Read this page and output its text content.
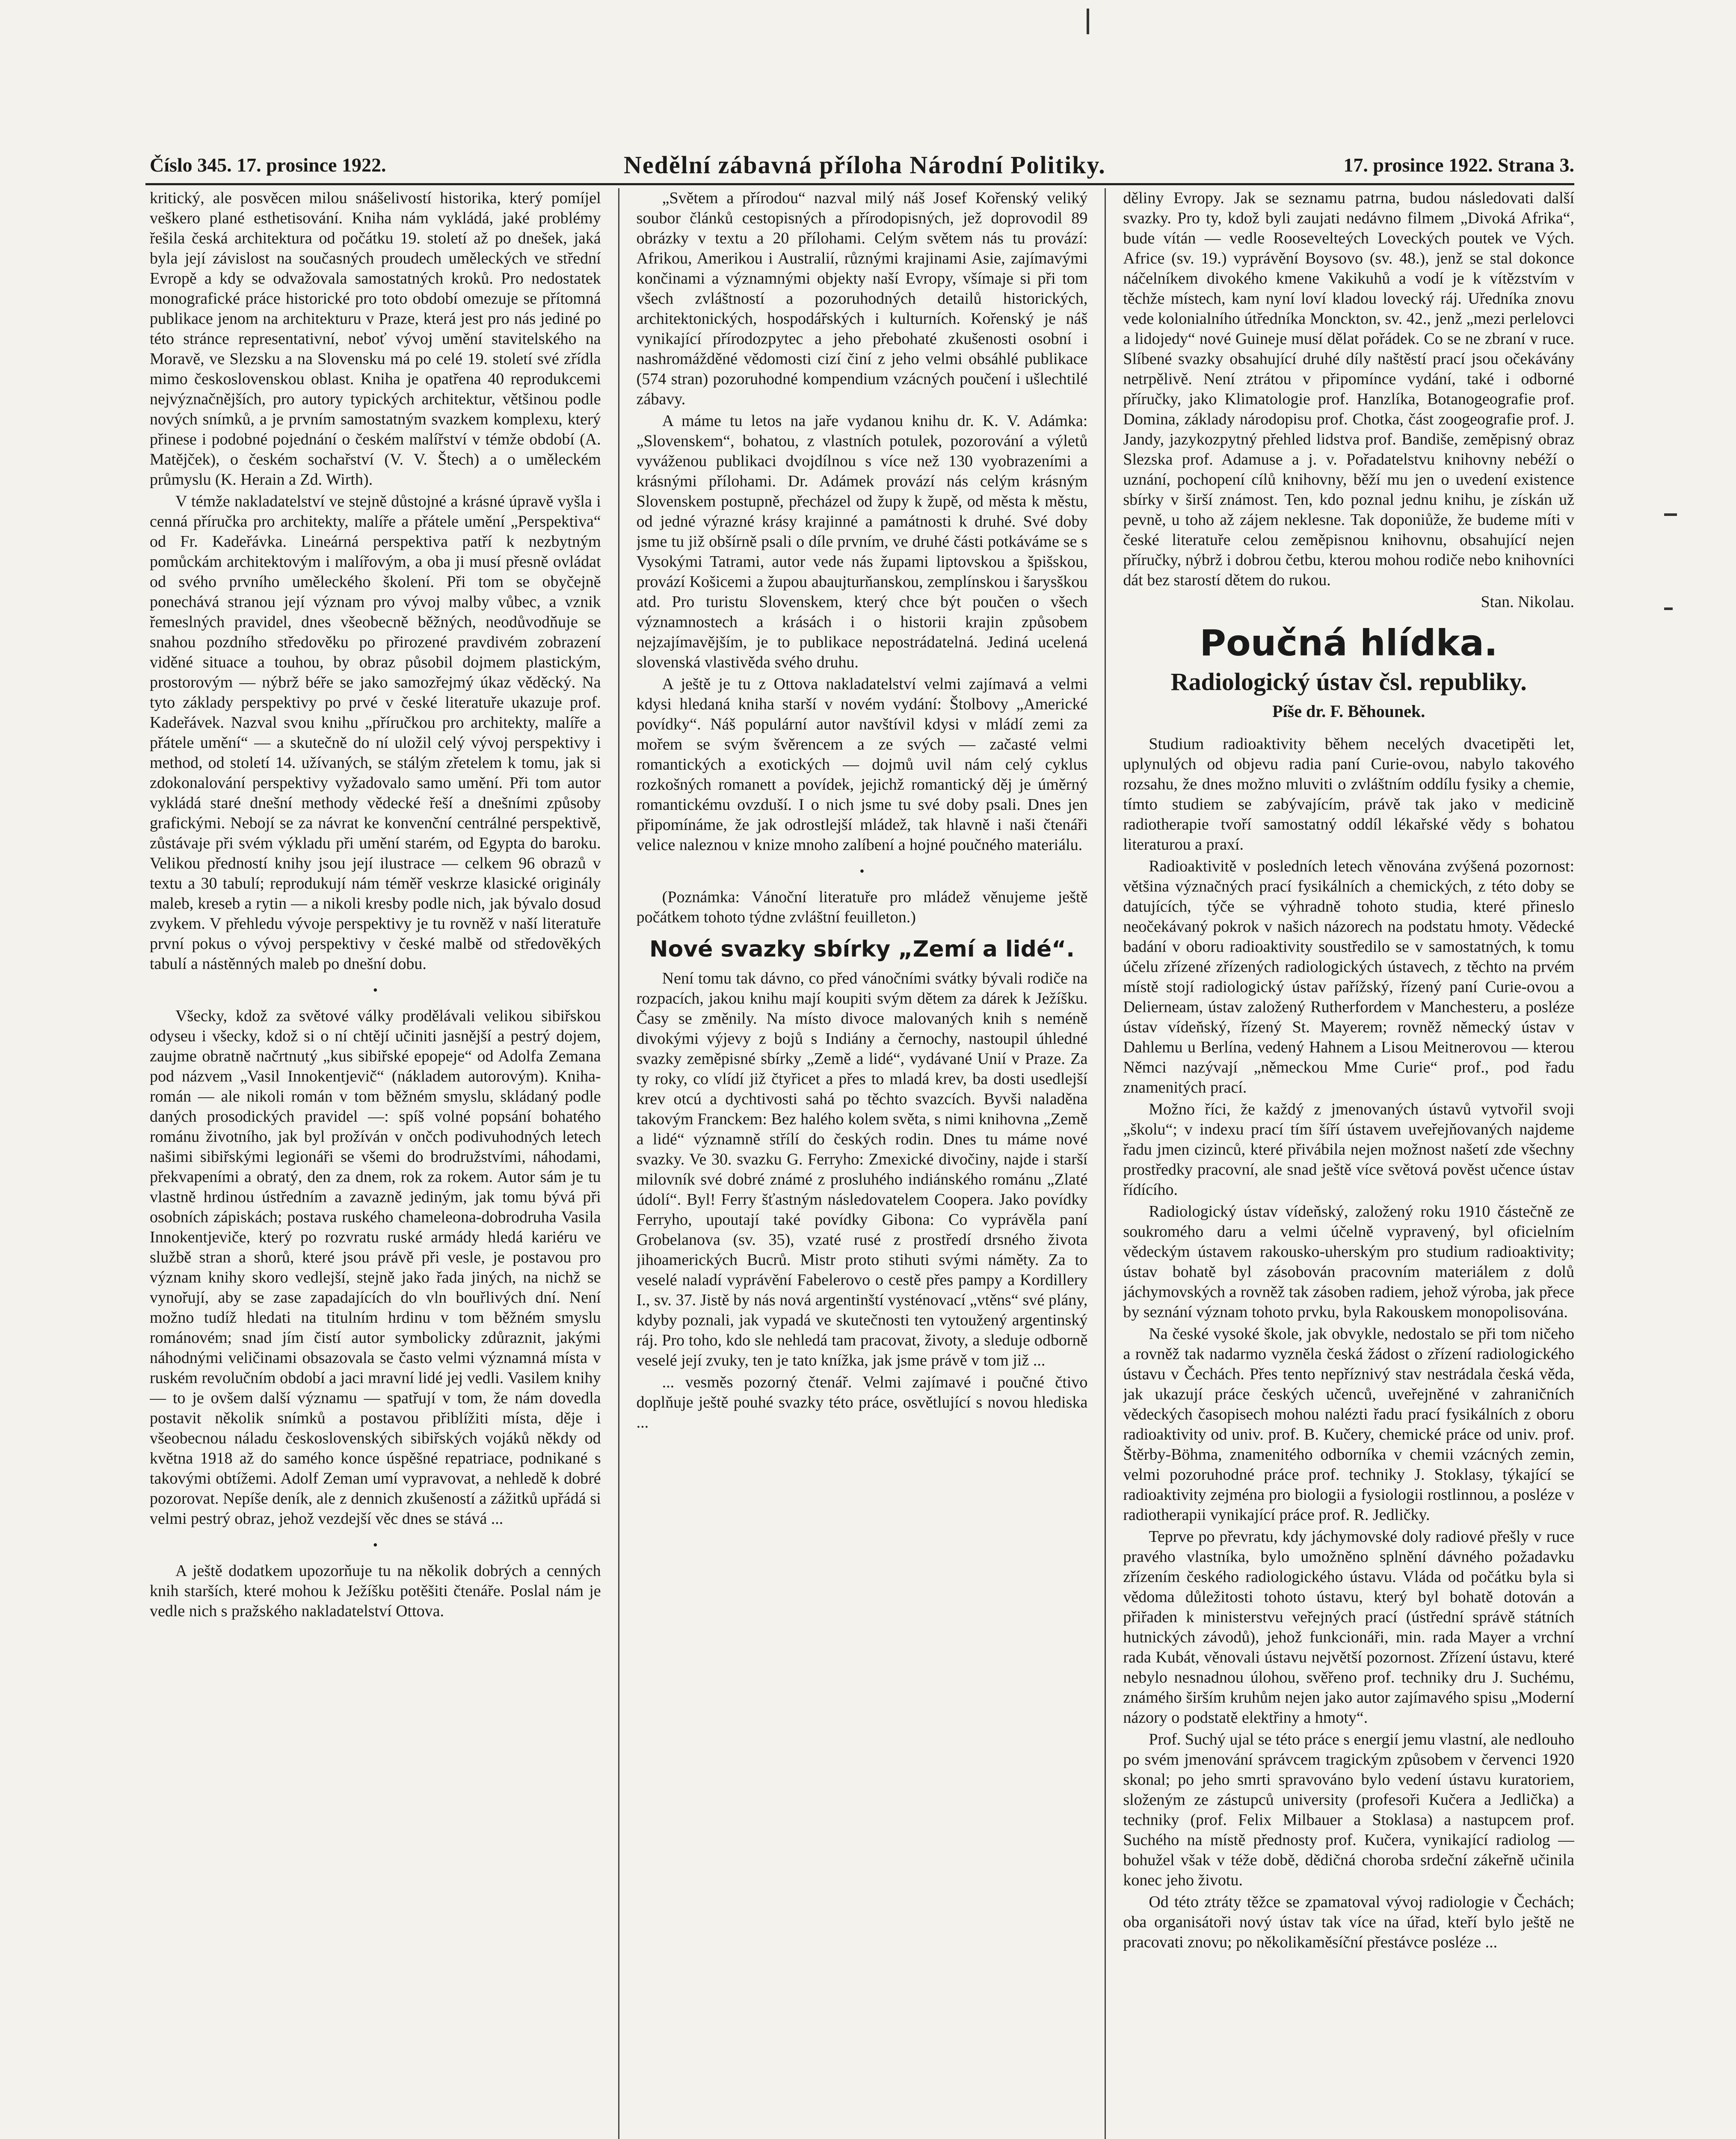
Číslo 345. 17. prosince 1922.	Nedělní zábavná příloha Národní Politiky.	17. prosince 1922. Strana 3.

kritický, ale posvěcen milou snášelivostí historika, který pomíjel veškero plané esthetisování. Kniha nám vykládá, jaké problémy řešila česká architektura od počátku 19. století až po dnešek, jaká byla její závislost na současných proudech uměleckých ve střední Evropě a kdy se odvažovala samostatných kroků. Pro nedostatek monografické práce historické pro toto období omezuje se přítomná publikace jenom na architekturu v Praze, která jest pro nás jediné po této stránce representativní, neboť vývoj umění stavitelského na Moravě, ve Slezsku a na Slovensku má po celé 19. století své zřídla mimo československou oblast. Kniha je opatřena 40 reprodukcemi nejvýznačnějších, pro autory typických architektur, většinou podle nových snímků, a je prvním samostatným svazkem komplexu, který přinese i podobné pojednání o českém malířství v témže období (A. Matějček), o českém sochařství (V. V. Štech) a o uměleckém průmyslu (K. Herain a Zd. Wirth).

V témže nakladatelství ve stejně důstojné a krásné úpravě vyšla i cenná příručka pro architekty, malíře a přátele umění „Perspektiva“ od Fr. Kadeřávka. Lineárná perspektiva patří k nezbytným pomůckám architektovým i malířovým, a oba ji musí přesně ovládat od svého prvního uměleckého školení. Při tom se obyčejně ponechává stranou její význam pro vývoj malby vůbec, a vznik řemeslných pravidel, dnes všeobecně běžných, neodůvodňuje se snahou pozdního středověku po přirozené pravdivém zobrazení viděné situace a touhou, by obraz působil dojmem plastickým, prostorovým — nýbrž béře se jako samozřejmý úkaz věděcký. Na tyto základy perspektivy po prvé v české literatuře ukazuje prof. Kadeřávek. Nazval svou knihu „příručkou pro architekty, malíře a přátele umění“ — a skutečně do ní uložil celý vývoj perspektivy i method, od století 14. užívaných, se stálým zřetelem k tomu, jak si zdokonalování perspektivy vyžadovalo samo umění. Při tom autor vykládá staré dnešní methody vědecké řeší a dnešními způsoby grafickými. Nebojí se za návrat ke konvenční centrálné perspektivě, zůstávaje při svém výkladu při umění starém, od Egypta do baroku. Velikou předností knihy jsou její ilustrace — celkem 96 obrazů v textu a 30 tabulí; reprodukují nám téměř veskrze klasické originály maleb, kreseb a rytin — a nikoli kresby podle nich, jak bývalo dosud zvykem. V přehledu vývoje perspektivy je tu rovněž v naší literatuře první pokus o vývoj perspektivy v české malbě od středověkých tabulí a nástěnných maleb po dnešní dobu.

•

Všecky, kdož za světové války prodělávali velikou sibiřskou odyseu i všecky, kdož si o ní chtějí učiniti jasnější a pestrý dojem, zaujme obratně načrtnutý „kus sibiřské epopeje“ od Adolfa Zemana pod názvem „Vasil Innokentjevič“ (nákladem autorovým). Kniha-román — ale nikoli román v tom běžném smyslu, skládaný podle daných prosodických pravidel —: spíš volné popsání bohatého románu životního, jak byl prožíván v ončch podivuhodných letech našimi sibiřskými legionáři se všemi do brodružstvími, náhodami, překvapeními a obratý, den za dnem, rok za rokem. Autor sám je tu vlastně hrdinou ústředním a zavazně jediným, jak tomu bývá při osobních zápiskách; postava ruského chameleona-dobrodruha Vasila Innokentjeviče, který po rozvratu ruské armády hledá kariéru ve službě stran a shorů, které jsou právě při vesle, je postavou pro význam knihy skoro vedlejší, stejně jako řada jiných, na nichž se vynořují, aby se zase zapadajících do vln bouřlivých dní. Není možno tudíž hledati na titulním hrdinu v tom běžném smyslu románovém; snad jím čistí autor symbolicky zdůraznit, jakými náhodnými veličinami obsazovala se často velmi významná místa v ruském revolučním období a jaci mravní lidé jej vedli. Vasilem knihy — to je ovšem další významu — spatřují v tom, že nám dovedla postavit několik snímků a postavou přiblížiti místa, děje i všeobecnou náladu československých sibiřských vojáků někdy od května 1918 až do samého konce úspěšné repatriace, podnikané s takovými obtížemi. Adolf Zeman umí vypravovat, a nehledě k dobré pozorovat. Nepíše deník, ale z dennich zkušeností a zážitků upřádá si velmi pestrý obraz, jehož vezdejší věc dnes se stává ...

•

A ještě dodatkem upozorňuje tu na několik dobrých a cenných knih starších, které mohou k Ježíšku potěšiti čtenáře. Poslal nám je vedle nich s pražského nakladatelství Ottova.

„Světem a přírodou“ nazval milý náš Josef Kořenský veliký soubor článků cestopisných a přírodopisných, jež doprovodil 89 obrázky v textu a 20 přílohami. Celým světem nás tu provází: Afrikou, Amerikou i Australií, různými krajinami Asie, zajímavými končinami a významnými objekty naší Evropy, všímaje si při tom všech zvláštností a pozoruhodných detailů historických, architektonických, hospodářských i kulturních. Kořenský je náš vynikající přírodozpytec a jeho přebohaté zkušenosti osobní i nashromážděné vědomosti cizí činí z jeho velmi obsáhlé publikace (574 stran) pozoruhodné kompendium vzácných poučení i ušlechtilé zábavy.

A máme tu letos na jaře vydanou knihu dr. K. V. Adámka: „Slovenskem“, bohatou, z vlastních potulek, pozorování a výletů vyváženou publikaci dvojdílnou s více než 130 vyobrazeními a krásnými přílohami. Dr. Adámek provází nás celým krásným Slovenskem postupně, přecházel od župy k župě, od města k městu, od jedné výrazné krásy krajinné a památnosti k druhé. Své doby jsme tu již obšírně psali o díle prvním, ve druhé části potkáváme se s Vysokými Tatrami, autor vede nás župami liptovskou a špišskou, provází Košicemi a župou abaujturňanskou, zemplínskou i šarysškou atd. Pro turistu Slovenskem, který chce být poučen o všech významnostech a krásách i o historii krajin způsobem nejzajímavějším, je to publikace nepostrádatelná. Jediná ucelená slovenská vlastivěda svého druhu.

A ještě je tu z Ottova nakladatelství velmi zajímavá a velmi kdysi hledaná kniha starší v novém vydání: Štolbovy „Americké povídky“. Náš populární autor navštívil kdysi v mládí zemi za mořem se svým švěrencem a ze svých — začasté velmi romantických a exotických — dojmů uvil nám celý cyklus rozkošných romanett a povídek, jejichž romantický děj je úměrný romantickému ovzduší. I o nich jsme tu své doby psali. Dnes jen připomínáme, že jak odrostlejší mládež, tak hlavně i naši čtenáři velice naleznou v knize mnoho zalíbení a hojné poučného materiálu.

•

(Poznámka: Vánoční literatuře pro mládež věnujeme ještě počátkem tohoto týdne zvláštní feuilleton.)

Nové svazky sbírky „Zemí a lidé“.

Není tomu tak dávno, co před vánočními svátky bývali rodiče na rozpacích, jakou knihu mají koupiti svým dětem za dárek k Ježíšku. Časy se změnily. Na místo divoce malovaných knih s neméně divokými výjevy z bojů s Indiány a černochy, nastoupil úhledné svazky zeměpisné sbírky „Země a lidé“, vydávané Unií v Praze. Za ty roky, co vlídí již čtyřicet a přes to mladá krev, ba dosti usedlejší krev otcú a dychtivosti sahá po těchto svazcích. Byvši naladěna takovým Franckem: Bez halého kolem světa, s nimi knihovna „Země a lidé“ významně střílí do českých rodin. Dnes tu máme nové svazky. Ve 30. svazku G. Ferryho: Zmexické divočiny, najde i starší milovník své dobré známé z prosluhého indiánského románu „Zlaté údolí“. Byl! Ferry šťastným následovatelem Coopera. Jako povídky Ferryho, upoutají také povídky Gibona: Co vyprávěla paní Grobelanova (sv. 35), vzaté rusé z prostředí drsného života jihoamerických Bucrů. Mistr proto stihuti svými náměty. Za to veselé naladí vyprávění Fabelerovo o cestě přes pampy a Kordillery I., sv. 37. Jistě by nás nová argentinští vysténovací „vtěns“ své plány, kdyby poznali, jak vypadá ve skutečnosti ten vytoužený argentinský ráj. Pro toho, kdo sle nehledá tam pracovat, životy, a sleduje odborně veselé její zvuky, ten je tato knížka, jak jsme právě v tom již ...

... vesměs pozorný čtenář. Velmi zajímavé i poučné čtivo doplňuje ještě pouhé svazky této práce, osvětlující s novou hlediska ...

děliny Evropy. Jak se seznamu patrna, budou následovati další svazky. Pro ty, kdož byli zaujati nedávno filmem „Divoká Afrika“, bude vítán — vedle Roosevelteých Loveckých poutek ve Vých. Africe (sv. 19.) vyprávění Boysovo (sv. 48.), jenž se stal dokonce náčelníkem divokého kmene Vakikuhů a vodí je k vítězstvím v těchže místech, kam nyní loví kladou lovecký ráj. Uředníka znovu vede kolonialního útředníka Monckton, sv. 42., jenž „mezi perlelovci a lidojedy“ nové Guineje musí dělat pořádek. Co se ne zbraní v ruce. Slíbené svazky obsahující druhé díly naštěstí prací jsou očekávány netrpělivě. Není ztrátou v připomínce vydání, také i odborné příručky, jako Klimatologie prof. Hanzlíka, Botanogeografie prof. Domina, základy národopisu prof. Chotka, část zoogeografie prof. J. Jandy, jazykozpytný přehled lidstva prof. Bandiše, zeměpisný obraz Slezska prof. Adamuse a j. v. Pořadatelstvu knihovny nebéží o uznání, pochopení cílů knihovny, běží mu jen o uvedení existence sbírky v širší známost. Ten, kdo poznal jednu knihu, je získán už pevně, u toho až zájem neklesne. Tak doponiůže, že budeme míti v české literatuře celou zeměpisnou knihovnu, obsahující nejen příručky, nýbrž i dobrou četbu, kterou mohou rodiče nebo knihovníci dát bez starostí dětem do rukou.

Stan. Nikolau.

Poučná hlídka.
Radiologický ústav čsl. republiky.
Píše dr. F. Běhounek.

Studium radioaktivity během necelých dvacetipěti let, uplynulých od objevu radia paní Curie-ovou, nabylo takového rozsahu, že dnes možno mluviti o zvláštním oddílu fysiky a chemie, tímto studiem se zabývajícím, právě tak jako v medicině radiotherapie tvoří samostatný oddíl lékařské vědy s bohatou literaturou a praxí.

Radioaktivitě v posledních letech věnována zvýšená pozornost: většina význačných prací fysikálních a chemických, z této doby se datujících, týče se výhradně tohoto studia, které přineslo neočekávaný pokrok v našich názorech na podstatu hmoty. Vědecké badání v oboru radioaktivity soustředilo se v samostatných, k tomu účelu zřízené zřízených radiologických ústavech, z těchto na prvém místě stojí radiologický ústav pařížský, řízený paní Curie-ovou a Delierneam, ústav založený Rutherfordem v Manchesteru, a posléze ústav vídeňský, řízený St. Mayerem; rovněž německý ústav v Dahlemu u Berlína, vedený Hahnem a Lisou Meitnerovou — kterou Němci nazývají „německou Mme Curie“ prof., pod řadu znamenitých prací.

Možno říci, že každý z jmenovaných ústavů vytvořil svoji „školu“; v indexu prací tím šíří ústavem uveřejňovaných najdeme řadu jmen cizinců, které přivábila nejen možnost našetí zde všechny prostředky pracovní, ale snad ještě více světová pověst učence ústav řídícího.

Radiologický ústav vídeňský, založený roku 1910 částečně ze soukromého daru a velmi účelně vypravený, byl oficielním vědeckým ústavem rakousko-uherským pro studium radioaktivity; ústav bohatě byl zásobován pracovním materiálem z dolů jáchymovských a rovněž tak zásoben radiem, jehož výroba, jak přece by seznání význam tohoto prvku, byla Rakouskem monopolisována.

Na české vysoké škole, jak obvykle, nedostalo se při tom ničeho a rovněž tak nadarmo vyzněla česká žádost o zřízení radiologického ústavu v Čechách. Přes tento nepříznivý stav nestrádala česká věda, jak ukazují práce českých učenců, uveřejněné v zahraničních vědeckých časopisech mohou nalézti řadu prací fysikálních z oboru radioaktivity od univ. prof. B. Kučery, chemické práce od univ. prof. Štěrby-Böhma, znamenitého odborníka v chemii vzácných zemin, velmi pozoruhodné práce prof. techniky J. Stoklasy, týkající se radioaktivity zejména pro biologii a fysiologii rostlinnou, a posléze v radiotherapii vynikající práce prof. R. Jedličky.

Teprve po převratu, kdy jáchymovské doly radiové přešly v ruce pravého vlastníka, bylo umožněno splnění dávného požadavku zřízením českého radiologického ústavu. Vláda od počátku byla si vědoma důležitosti tohoto ústavu, který byl bohatě dotován a přiřaden k ministerstvu veřejných prací (ústřední správě státních hutnických závodů), jehož funkcionáři, min. rada Mayer a vrchní rada Kubát, věnovali ústavu největší pozornost. Zřízení ústavu, které nebylo nesnadnou úlohou, svěřeno prof. techniky dru J. Suchému, známého širším kruhům nejen jako autor zajímavého spisu „Moderní názory o podstatě elektřiny a hmoty“.

Prof. Suchý ujal se této práce s energií jemu vlastní, ale nedlouho po svém jmenování správcem tragickým způsobem v červenci 1920 skonal; po jeho smrti spravováno bylo vedení ústavu kuratoriem, složeným ze zástupců university (profesoři Kučera a Jedlička) a techniky (prof. Felix Milbauer a Stoklasa) a nastupcem prof. Suchého na místě přednosty prof. Kučera, vynikající radiolog — bohužel však v téže době, dědičná choroba srdeční zákeřně učinila konec jeho životu.

Od této ztráty těžce se zpamatoval vývoj radiologie v Čechách; oba organisátoři nový ústav tak více na úřad, kteří bylo ještě ne pracovati znovu; po několikaměsíční přestávce posléze ...
